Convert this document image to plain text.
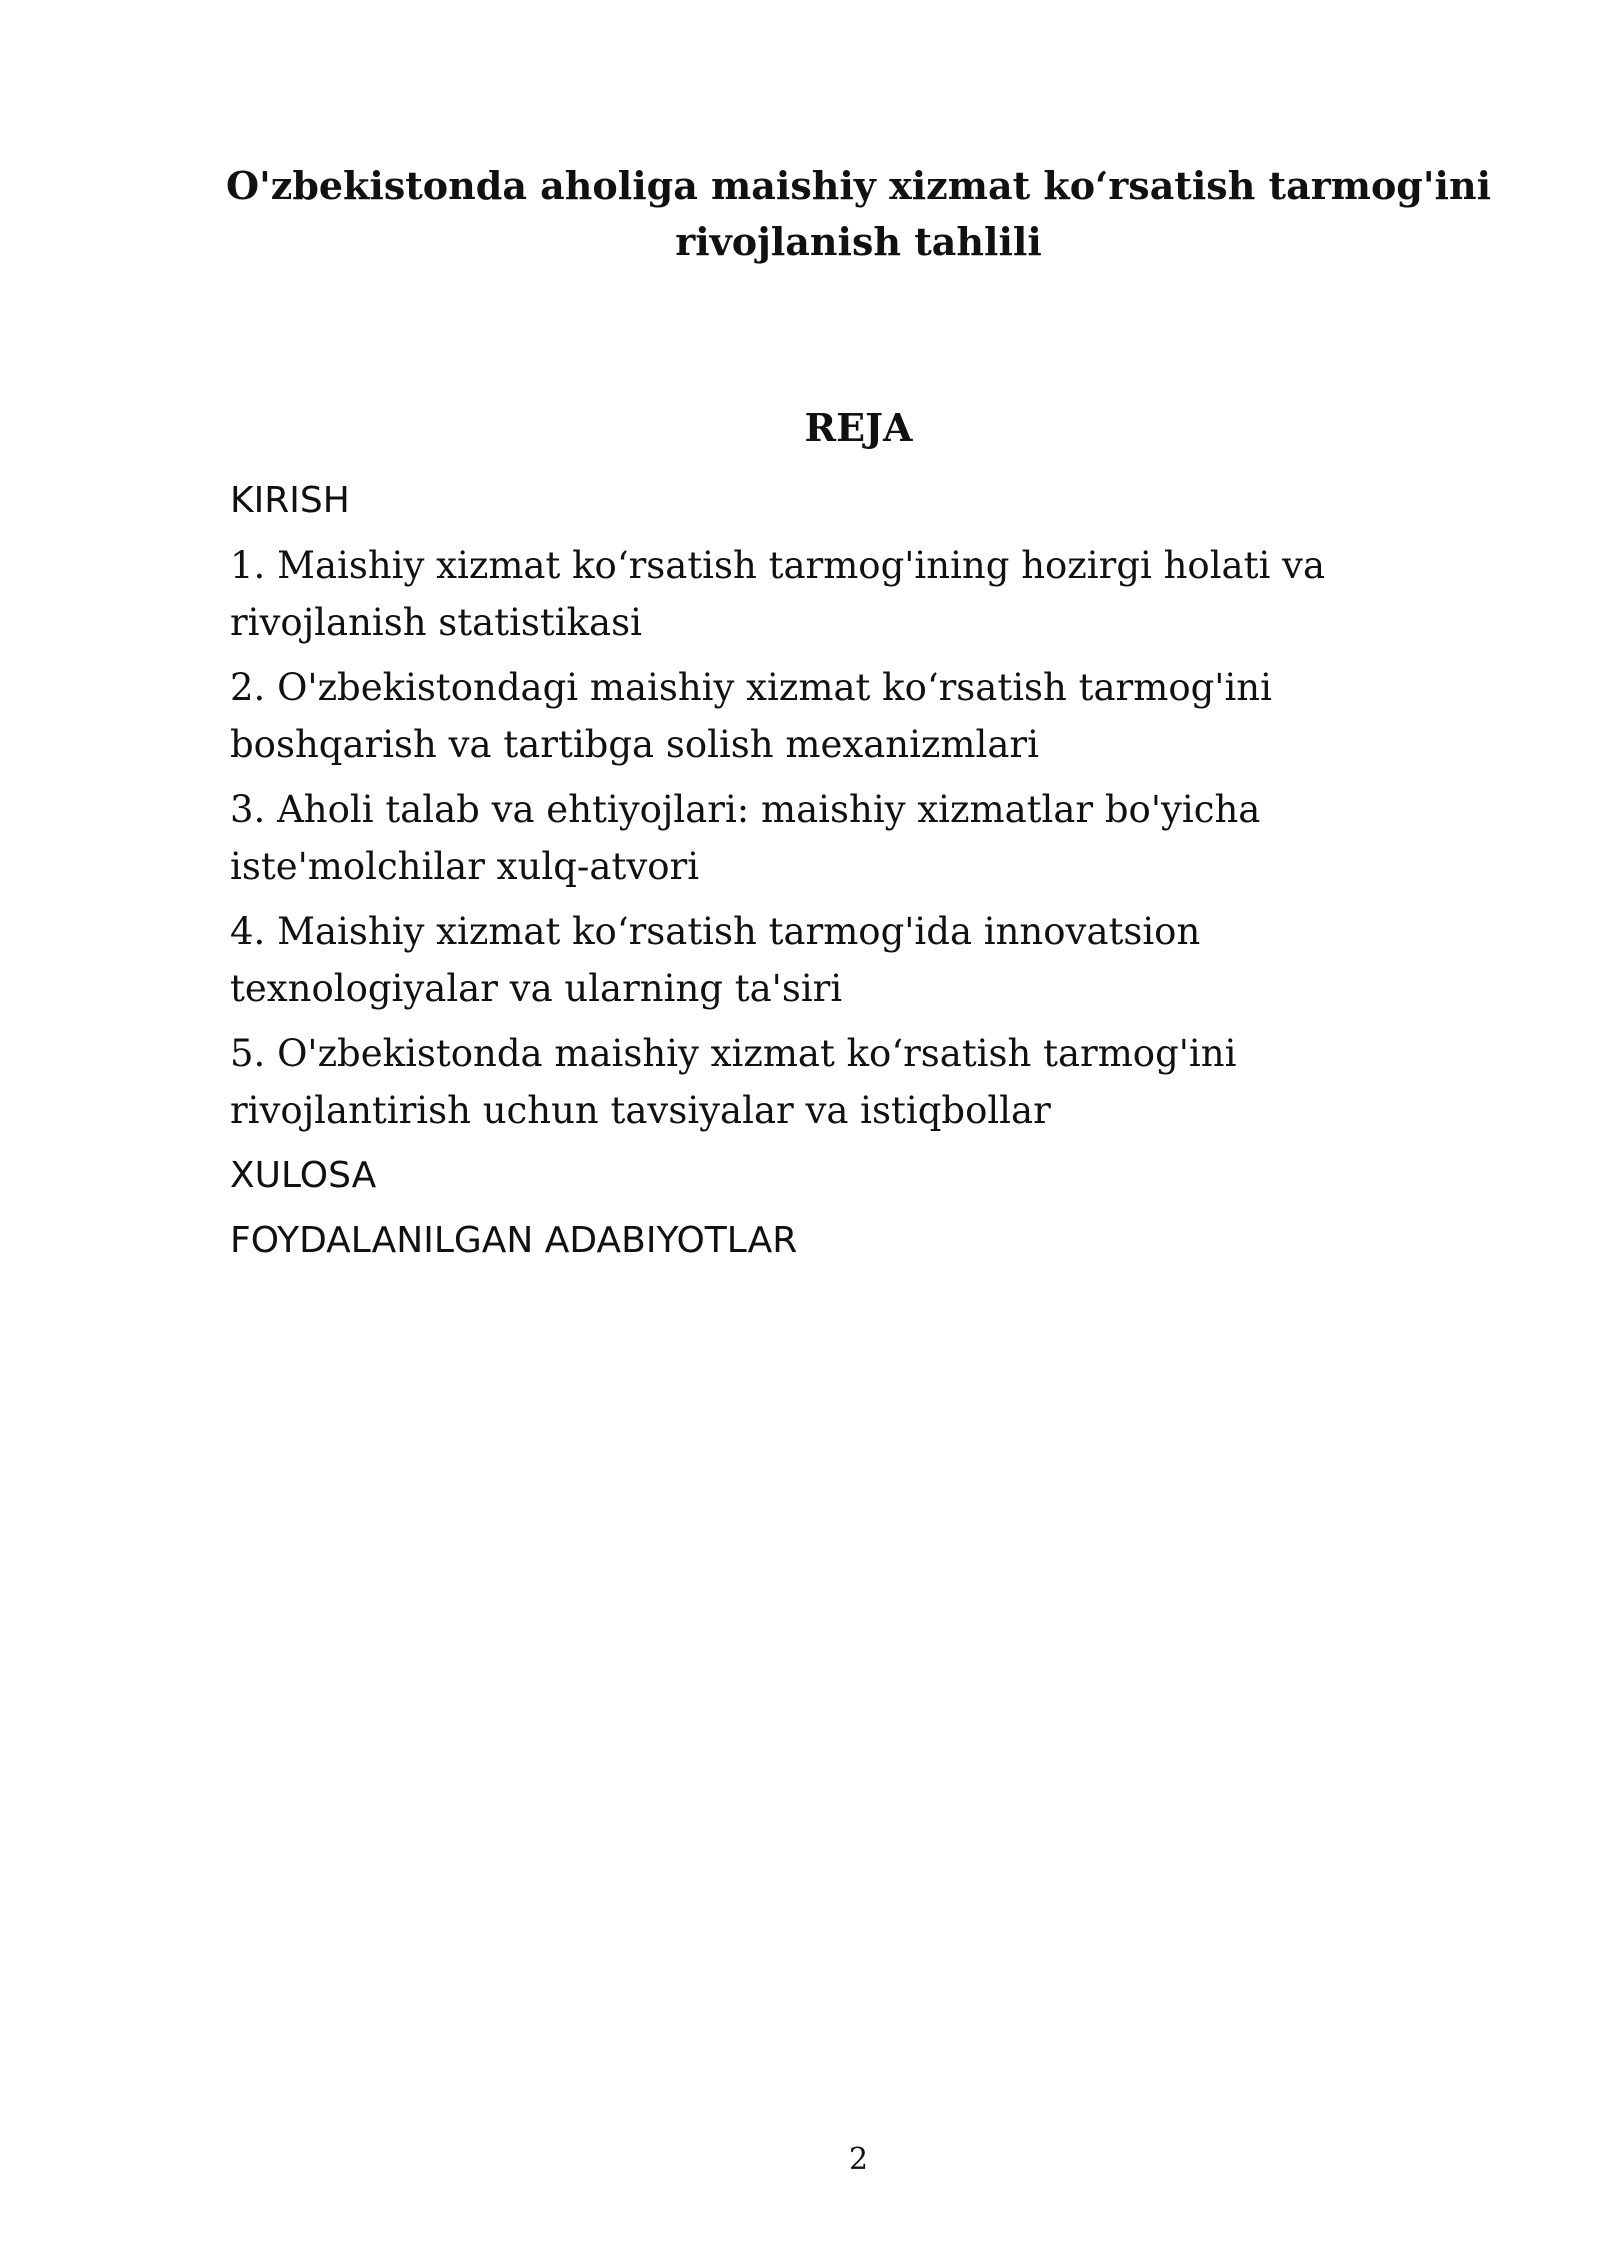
O'zbekistonda aholiga maishiy xizmat koʻrsatish tarmog'ini
rivojlanish tahlili
REJA
KIRISH
1. Maishiy xizmat koʻrsatish tarmog'ining hozirgi holati va rivojlanish statistikasi
2. O'zbekistondagi maishiy xizmat koʻrsatish tarmog'ini boshqarish va tartibga solish mexanizmlari
3. Aholi talab va ehtiyojlari: maishiy xizmatlar bo'yicha iste'molchilar xulq-atvori
4. Maishiy xizmat koʻrsatish tarmog'ida innovatsion texnologiyalar va ularning ta'siri
5. O'zbekistonda maishiy xizmat koʻrsatish tarmog'ini rivojlantirish uchun tavsiyalar va istiqbollar
XULOSA
FOYDALANILGAN ADABIYOTLAR
2
